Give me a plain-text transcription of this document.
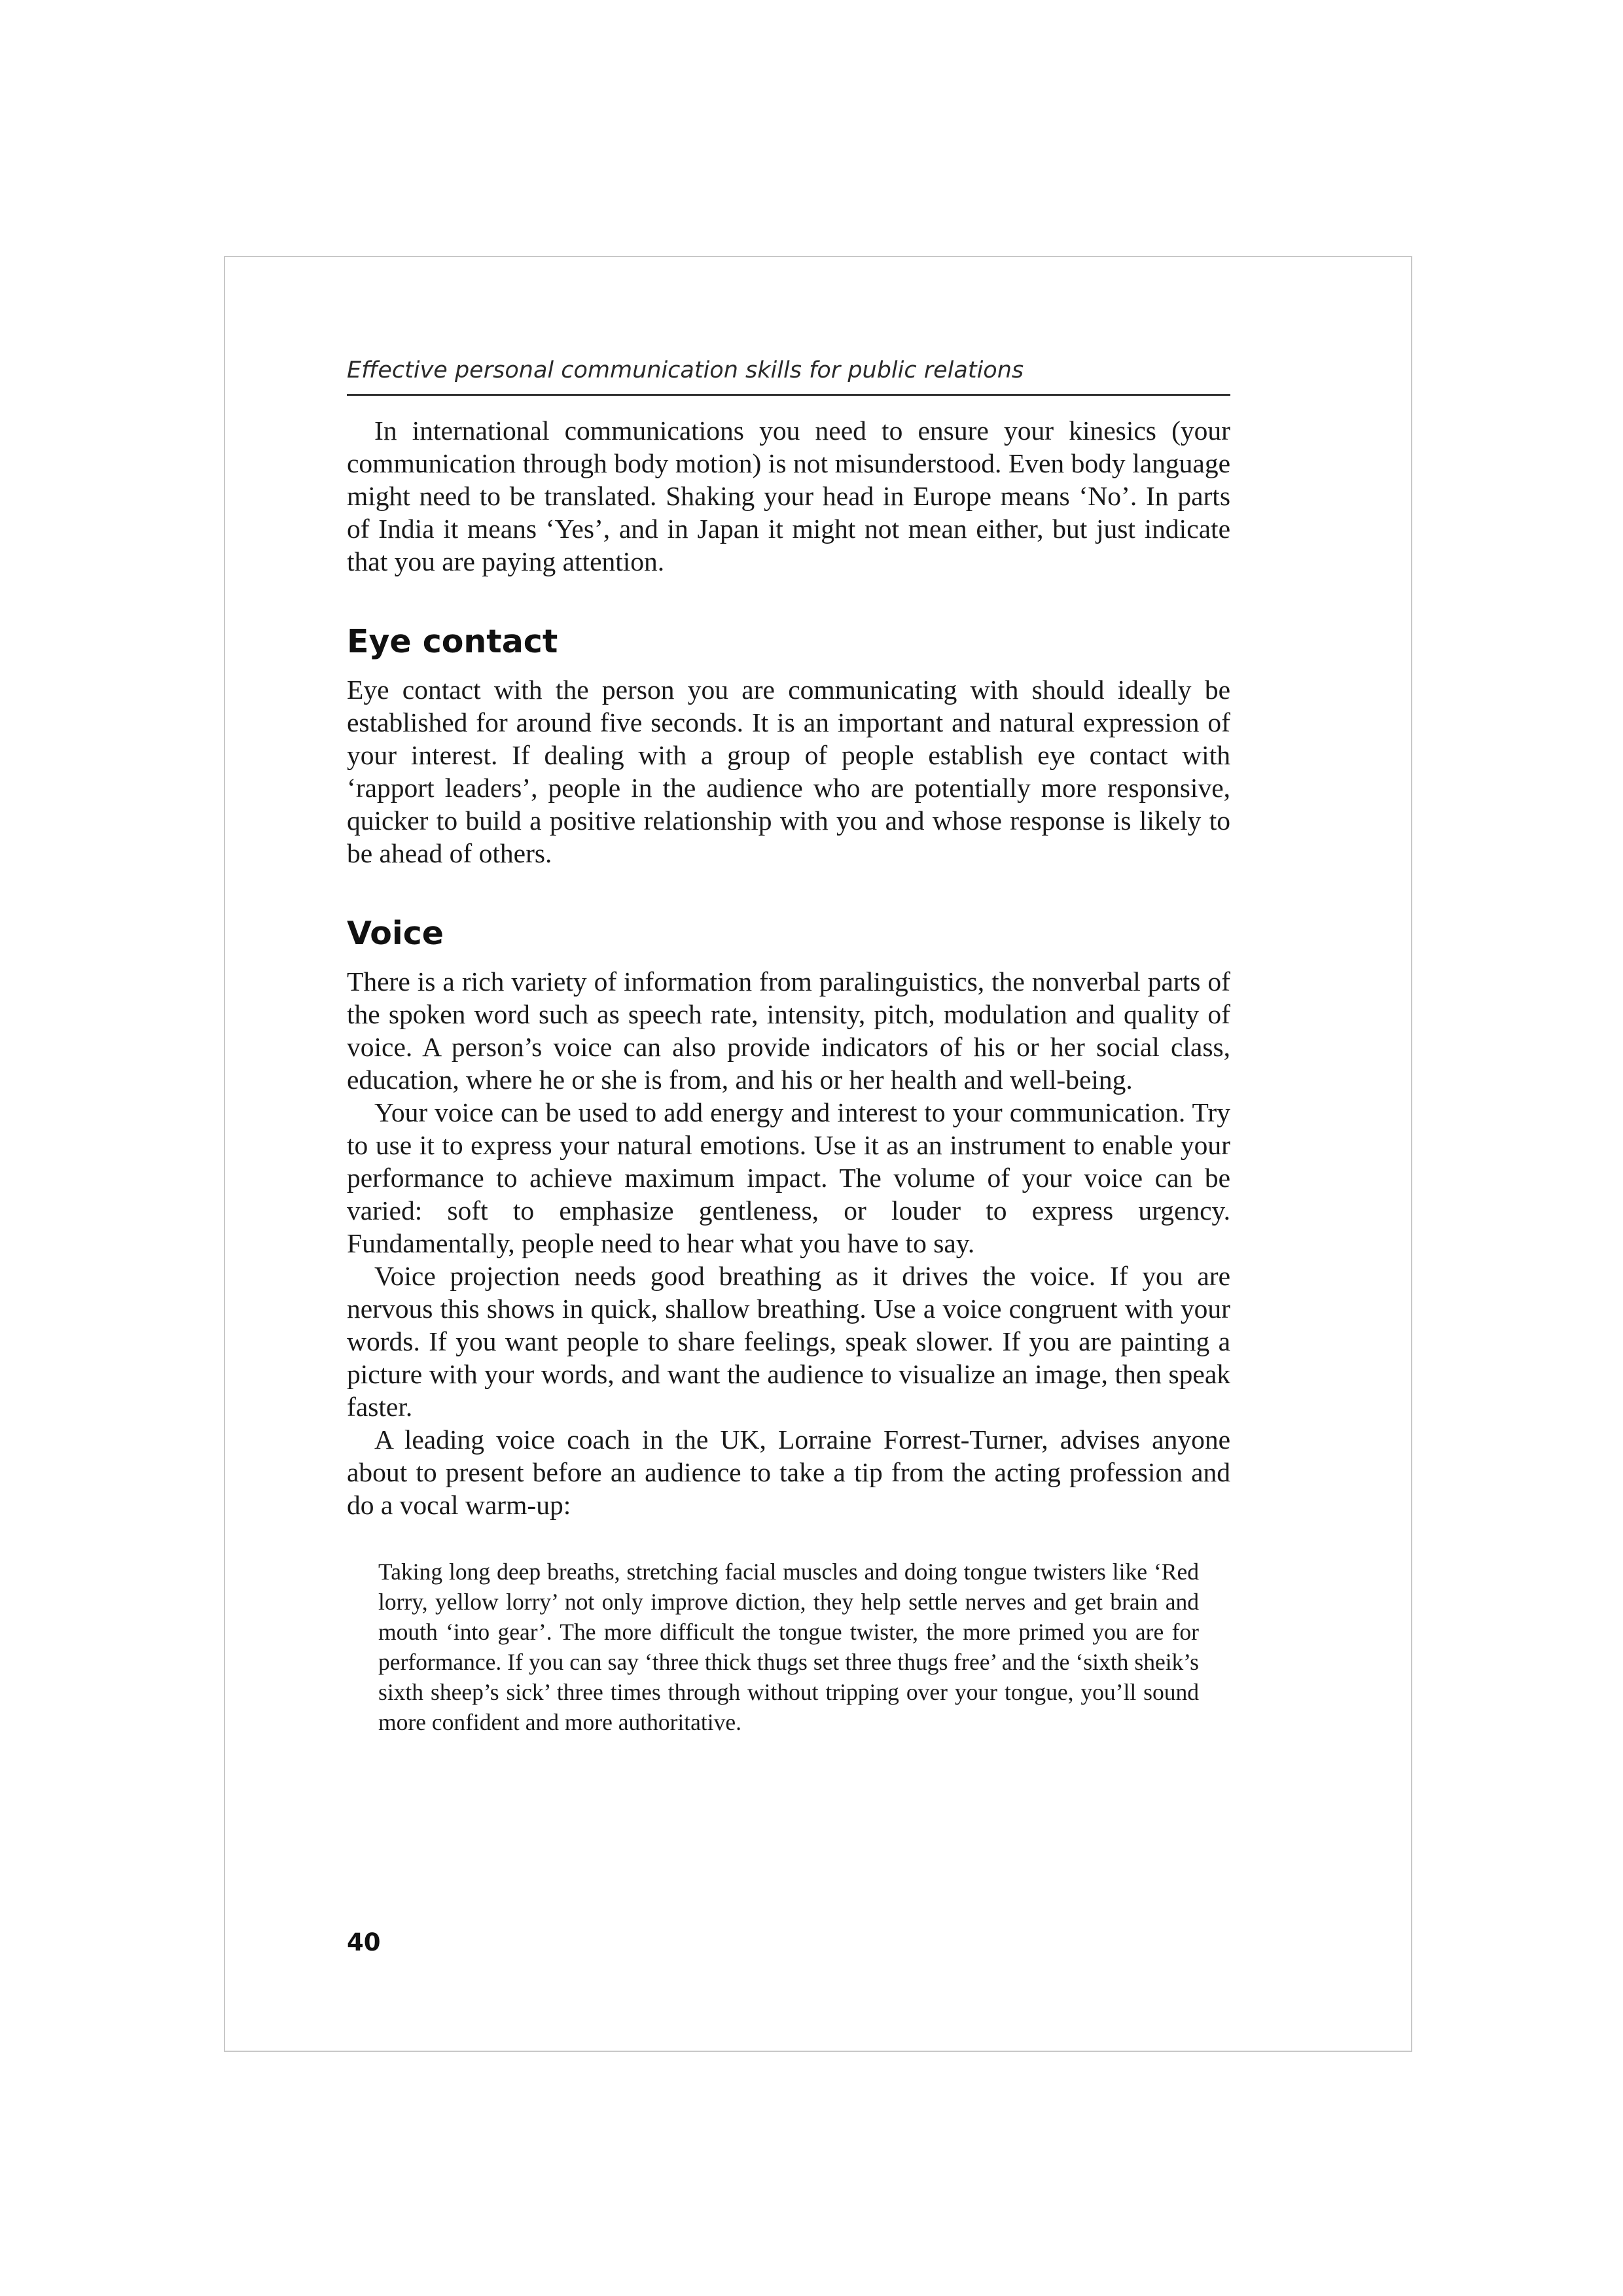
Effective personal communication skills for public relations

In international communications you need to ensure your kinesics (your communication through body motion) is not misunderstood. Even body language might need to be translated. Shaking your head in Europe means ‘No’. In parts of India it means ‘Yes’, and in Japan it might not mean either, but just indicate that you are paying attention.

Eye contact

Eye contact with the person you are communicating with should ideally be established for around five seconds. It is an important and natural expression of your interest. If dealing with a group of people establish eye contact with ‘rapport leaders’, people in the audience who are potentially more responsive, quicker to build a positive relationship with you and whose response is likely to be ahead of others.

Voice

There is a rich variety of information from paralinguistics, the nonverbal parts of the spoken word such as speech rate, intensity, pitch, modulation and quality of voice. A person’s voice can also provide indicators of his or her social class, education, where he or she is from, and his or her health and well-being.

Your voice can be used to add energy and interest to your communication. Try to use it to express your natural emotions. Use it as an instrument to enable your performance to achieve maximum impact. The volume of your voice can be varied: soft to emphasize gentleness, or louder to express urgency. Fundamentally, people need to hear what you have to say.

Voice projection needs good breathing as it drives the voice. If you are nervous this shows in quick, shallow breathing. Use a voice congruent with your words. If you want people to share feelings, speak slower. If you are painting a picture with your words, and want the audience to visualize an image, then speak faster.

A leading voice coach in the UK, Lorraine Forrest-Turner, advises anyone about to present before an audience to take a tip from the acting profession and do a vocal warm-up:

Taking long deep breaths, stretching facial muscles and doing tongue twisters like ‘Red lorry, yellow lorry’ not only improve diction, they help settle nerves and get brain and mouth ‘into gear’. The more difficult the tongue twister, the more primed you are for performance. If you can say ‘three thick thugs set three thugs free’ and the ‘sixth sheik’s sixth sheep’s sick’ three times through without tripping over your tongue, you’ll sound more confident and more authoritative.

40
